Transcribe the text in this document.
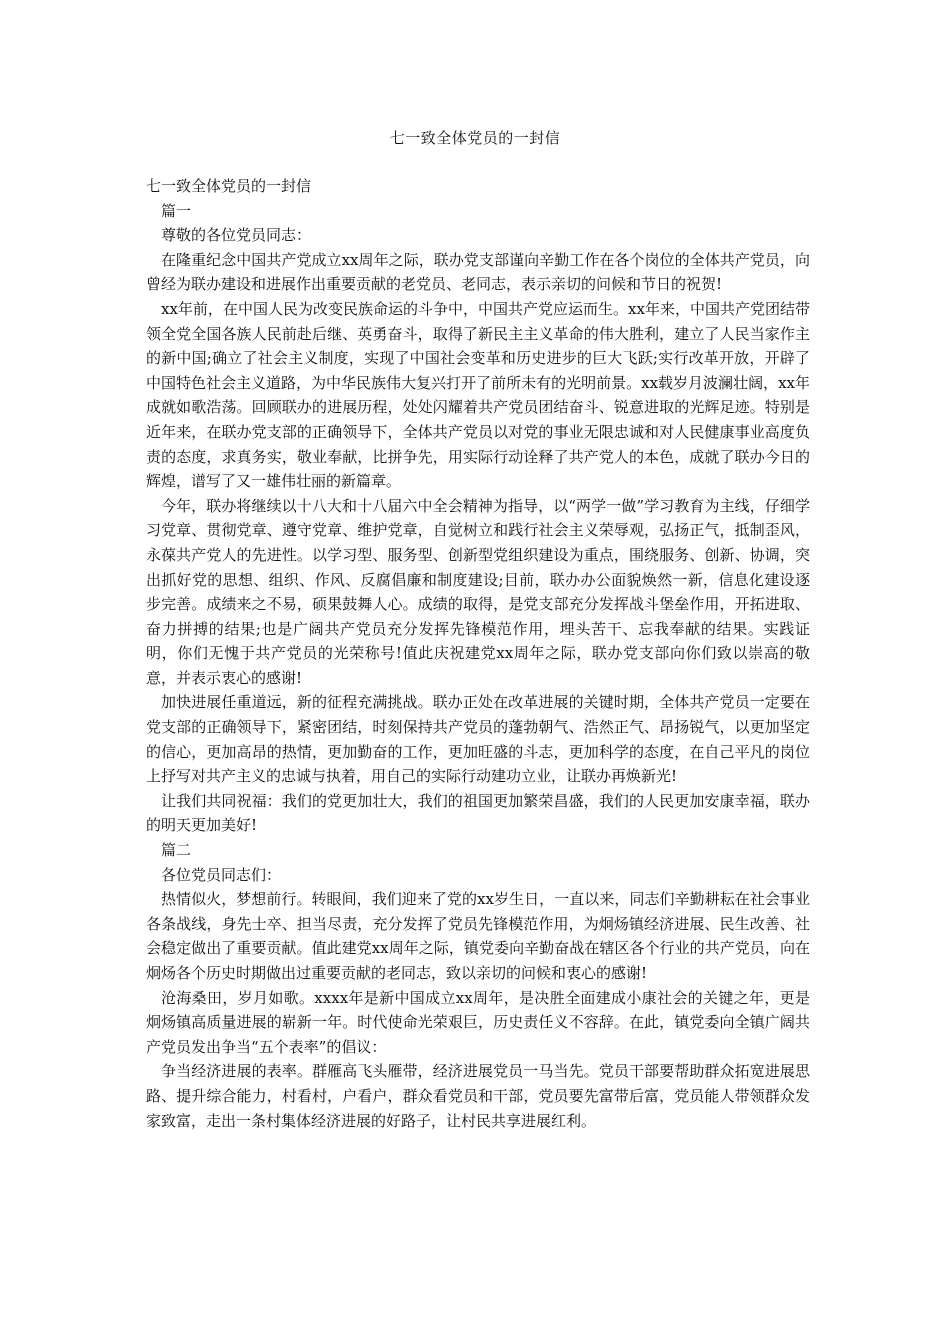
七一致全体党员的一封信

七一致全体党员的一封信

篇一

尊敬的各位党员同志：

在隆重纪念中国共产党成立xx周年之际，联办党支部谨向辛勤工作在各个岗位的全体共产党员，向曾经为联办建设和进展作出重要贡献的老党员、老同志，表示亲切的问候和节日的祝贺!

xx年前，在中国人民为改变民族命运的斗争中，中国共产党应运而生。xx年来，中国共产党团结带领全党全国各族人民前赴后继、英勇奋斗，取得了新民主主义革命的伟大胜利，建立了人民当家作主的新中国;确立了社会主义制度，实现了中国社会变革和历史进步的巨大飞跃;实行改革开放，开辟了中国特色社会主义道路，为中华民族伟大复兴打开了前所未有的光明前景。xx载岁月波澜壮阔，xx年成就如歌浩荡。回顾联办的进展历程，处处闪耀着共产党员团结奋斗、锐意进取的光辉足迹。特别是近年来，在联办党支部的正确领导下，全体共产党员以对党的事业无限忠诚和对人民健康事业高度负责的态度，求真务实，敬业奉献，比拼争先，用实际行动诠释了共产党人的本色，成就了联办今日的辉煌，谱写了又一雄伟壮丽的新篇章。

今年，联办将继续以十八大和十八届六中全会精神为指导，以“两学一做”学习教育为主线，仔细学习党章、贯彻党章、遵守党章、维护党章，自觉树立和践行社会主义荣辱观，弘扬正气，抵制歪风，永葆共产党人的先进性。以学习型、服务型、创新型党组织建设为重点，围绕服务、创新、协调，突出抓好党的思想、组织、作风、反腐倡廉和制度建设;目前，联办办公面貌焕然一新，信息化建设逐步完善。成绩来之不易，硕果鼓舞人心。成绩的取得，是党支部充分发挥战斗堡垒作用，开拓进取、奋力拼搏的结果;也是广阔共产党员充分发挥先锋模范作用，埋头苦干、忘我奉献的结果。实践证明，你们无愧于共产党员的光荣称号!值此庆祝建党xx周年之际，联办党支部向你们致以崇高的敬意，并表示衷心的感谢!

加快进展任重道远，新的征程充满挑战。联办正处在改革进展的关键时期，全体共产党员一定要在党支部的正确领导下，紧密团结，时刻保持共产党员的蓬勃朝气、浩然正气、昂扬锐气，以更加坚定的信心，更加高昂的热情，更加勤奋的工作，更加旺盛的斗志，更加科学的态度，在自己平凡的岗位上抒写对共产主义的忠诚与执着，用自己的实际行动建功立业，让联办再焕新光!

让我们共同祝福：我们的党更加壮大，我们的祖国更加繁荣昌盛，我们的人民更加安康幸福，联办的明天更加美好!

篇二

各位党员同志们：

热情似火，梦想前行。转眼间，我们迎来了党的xx岁生日，一直以来，同志们辛勤耕耘在社会事业各条战线，身先士卒、担当尽责，充分发挥了党员先锋模范作用，为炯炀镇经济进展、民生改善、社会稳定做出了重要贡献。值此建党xx周年之际，镇党委向辛勤奋战在辖区各个行业的共产党员，向在炯炀各个历史时期做出过重要贡献的老同志，致以亲切的问候和衷心的感谢!

沧海桑田，岁月如歌。xxxx年是新中国成立xx周年，是决胜全面建成小康社会的关键之年，更是炯炀镇高质量进展的崭新一年。时代使命光荣艰巨，历史责任义不容辞。在此，镇党委向全镇广阔共产党员发出争当“五个表率”的倡议：

争当经济进展的表率。群雁高飞头雁带，经济进展党员一马当先。党员干部要帮助群众拓宽进展思路、提升综合能力，村看村，户看户，群众看党员和干部，党员要先富带后富，党员能人带领群众发家致富，走出一条村集体经济进展的好路子，让村民共享进展红利。
